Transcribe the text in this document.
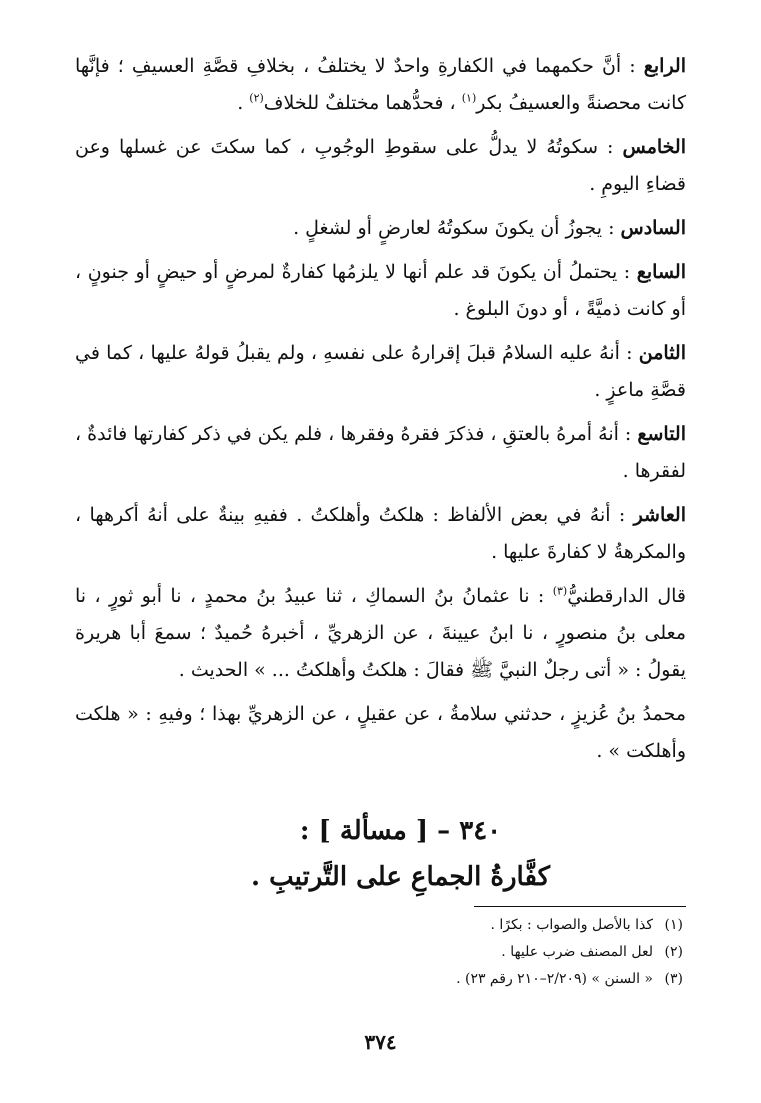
الرابع : أنَّ حكمهما في الكفارةِ واحدٌ لا يختلفُ ، بخلافِ قصَّةِ العسيفِ ؛ فإنَّها كانت محصنةً والعسيفُ بكر$^{(١)}$ ، فحدُّهما مختلفٌ للخلاف$^{(٢)}$ .

الخامس : سكوتُهُ لا يدلُّ على سقوطِ الوجُوبِ ، كما سكتَ عن غسلها وعن قضاءِ اليومِ .

السادس : يجوزُ أن يكونَ سكوتُهُ لعارضٍ أو لشغلٍ .

السابع : يحتملُ أن يكونَ قد علم أنها لا يلزمُها كفارةٌ لمرضٍ أو حيضٍ أو جنونٍ ، أو كانت ذميَّةً ، أو دونَ البلوغ .

الثامن : أنهُ عليه السلامُ قبلَ إقرارهُ على نفسهِ ، ولم يقبلُ قولهُ عليها ، كما في قصَّةِ ماعزٍ .

التاسع : أنهُ أمرهُ بالعتقِ ، فذكرَ فقرهُ وفقرها ، فلم يكن في ذكر كفارتها فائدةٌ ، لفقرها .

العاشر : أنهُ في بعض الألفاظ : هلكتُ وأهلكتُ . ففيهِ بينةٌ على أنهُ أكرهها ، والمكرهةُ لا كفارةَ عليها .

قال الدارقطنيُّ$^{(٣)}$ : نا عثمانُ بنُ السماكِ ، ثنا عبيدُ بنُ محمدٍ ، نا أبو ثورٍ ، نا معلى بنُ منصورٍ ، نا ابنُ عيينةَ ، عن الزهريِّ ، أخبرهُ حُميدٌ ؛ سمعَ أبا هريرة يقولُ : « أتى رجلٌ النبيَّ ﷺ فقالَ : هلكتُ وأهلكتُ ... » الحديث .

محمدُ بنُ عُزيزٍ ، حدثني سلامةُ ، عن عقيلٍ ، عن الزهريِّ بهذا ؛ وفيهِ : « هلكت وأهلكت » .

٣٤٠ – [ مسألة ] :
كفَّارةُ الجماعِ على التَّرتيبِ .
(١)كذا بالأصل والصواب : بكرًا .
(٢)لعل المصنف ضرب عليها .
(٣)« السنن » (٢/٢٠٩–٢١٠ رقم ٢٣) .
٣٧٤
